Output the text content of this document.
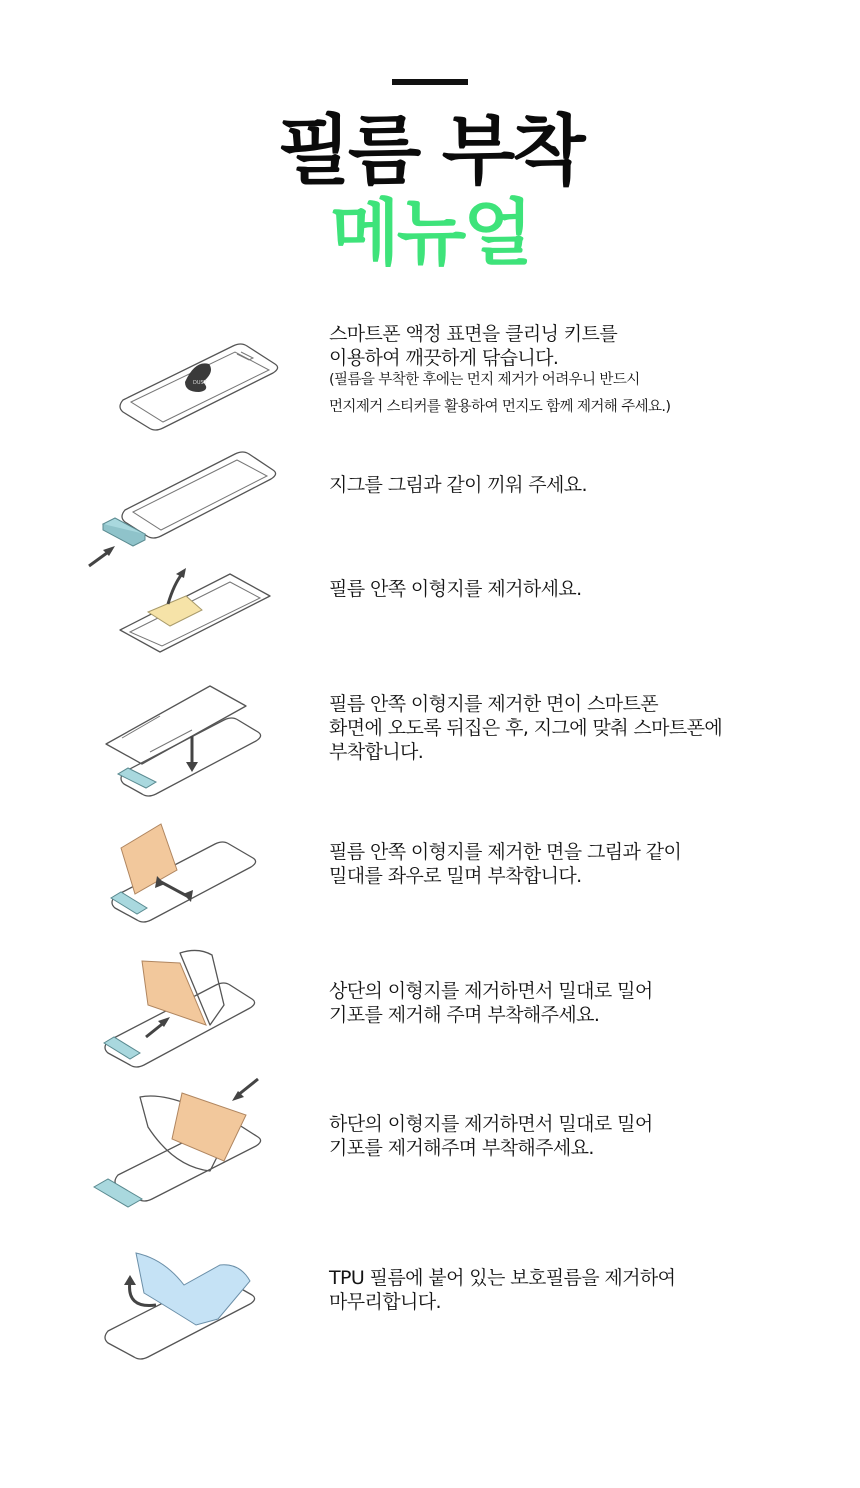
필름 부착
메뉴얼
DUST
스마트폰 액정 표면을 클리닝 키트를
이용하여 깨끗하게 닦습니다.
(필름을 부착한 후에는 먼지 제거가 어려우니 반드시
먼지제거 스티커를 활용하여 먼지도 함께 제거해 주세요.)
지그를 그림과 같이 끼워 주세요.
필름 안쪽 이형지를 제거하세요.
필름 안쪽 이형지를 제거한 면이 스마트폰
화면에 오도록 뒤집은 후, 지그에 맞춰 스마트폰에
부착합니다.
필름 안쪽 이형지를 제거한 면을 그림과 같이
밀대를 좌우로 밀며 부착합니다.
상단의 이형지를 제거하면서 밀대로 밀어
기포를 제거해 주며 부착해주세요.
하단의 이형지를 제거하면서 밀대로 밀어
기포를 제거해주며 부착해주세요.
TPU 필름에 붙어 있는 보호필름을 제거하여
마무리합니다.
